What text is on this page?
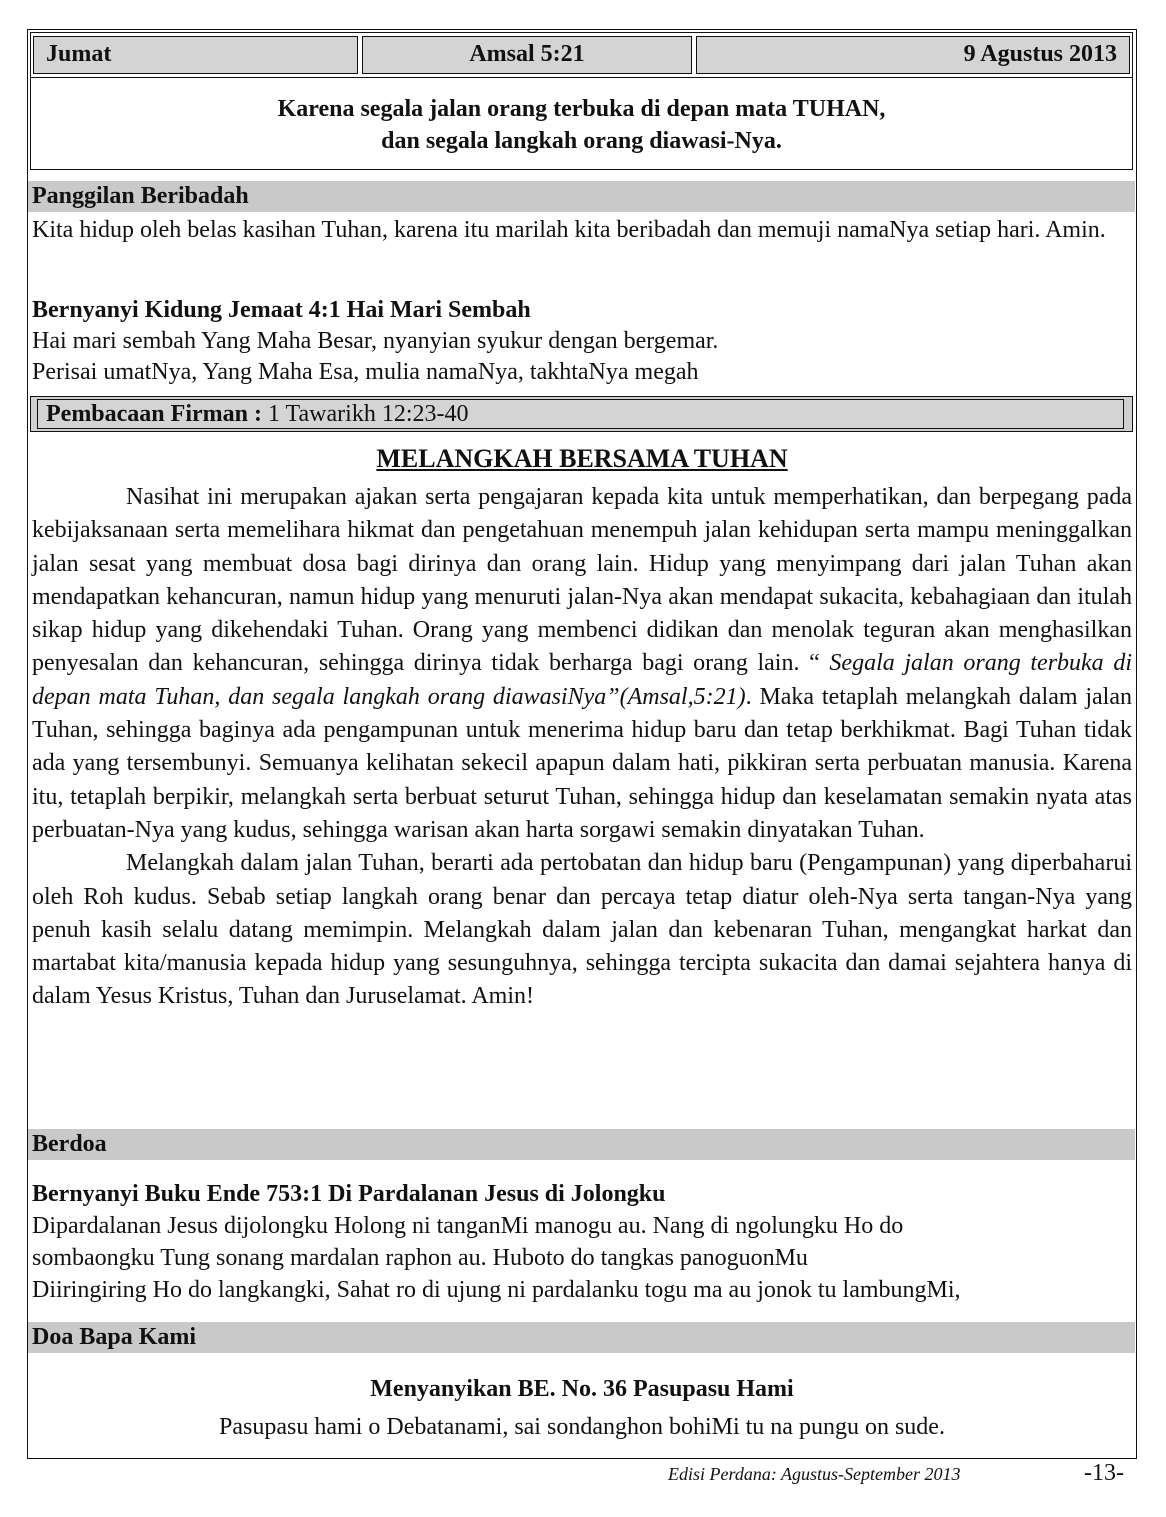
Jumat	Amsal 5:21	9 Agustus 2013
Karena segala jalan orang terbuka di depan mata TUHAN,
dan segala langkah orang diawasi-Nya.
Panggilan Beribadah
Kita hidup oleh belas kasihan Tuhan, karena itu marilah kita beribadah dan memuji namaNya setiap hari. Amin.
Bernyanyi Kidung Jemaat 4:1 Hai Mari Sembah
Hai mari sembah Yang Maha Besar, nyanyian syukur dengan bergemar.
Perisai umatNya, Yang Maha Esa, mulia namaNya, takhtaNya megah
Pembacaan Firman : 1 Tawarikh 12:23-40
MELANGKAH BERSAMA TUHAN

Nasihat ini merupakan ajakan serta pengajaran kepada kita untuk memperhatikan, dan berpegang pada kebijaksanaan serta memelihara hikmat dan pengetahuan menempuh jalan kehidupan serta mampu meninggalkan jalan sesat yang membuat dosa bagi dirinya dan orang lain. Hidup yang menyimpang dari jalan Tuhan akan mendapatkan kehancuran, namun hidup yang menuruti jalan-Nya akan mendapat sukacita, kebahagiaan dan itulah sikap hidup yang dikehendaki Tuhan. Orang yang membenci didikan dan menolak teguran akan menghasilkan penyesalan dan kehancuran, sehingga dirinya tidak berharga bagi orang lain. “ Segala jalan orang terbuka di depan mata Tuhan, dan segala langkah orang diawasiNya”(Amsal,5:21). Maka tetaplah melangkah dalam jalan Tuhan, sehingga baginya ada pengampunan untuk menerima hidup baru dan tetap berkhikmat. Bagi Tuhan tidak ada yang tersembunyi. Semuanya kelihatan sekecil apapun dalam hati, pikkiran serta perbuatan manusia. Karena itu, tetaplah berpikir, melangkah serta berbuat seturut Tuhan, sehingga hidup dan keselamatan semakin nyata atas perbuatan-Nya yang kudus, sehingga warisan akan harta sorgawi semakin dinyatakan Tuhan.

Melangkah dalam jalan Tuhan, berarti ada pertobatan dan hidup baru (Pengampunan) yang diperbaharui oleh Roh kudus. Sebab setiap langkah orang benar dan percaya tetap diatur oleh-Nya serta tangan-Nya yang penuh kasih selalu datang memimpin. Melangkah dalam jalan dan kebenaran Tuhan, mengangkat harkat dan martabat kita/manusia kepada hidup yang sesunguhnya, sehingga tercipta sukacita dan damai sejahtera hanya di dalam Yesus Kristus, Tuhan dan Juruselamat. Amin!

Berdoa
Bernyanyi Buku Ende 753:1 Di Pardalanan Jesus di Jolongku
Dipardalanan Jesus dijolongku Holong ni tanganMi manogu au. Nang di ngolungku Ho do
sombaongku Tung sonang mardalan raphon au. Huboto do tangkas panoguonMu
Diiringiring Ho do langkangki, Sahat ro di ujung ni pardalanku togu ma au jonok tu lambungMi,
Doa Bapa Kami
Menyanyikan BE. No. 36 Pasupasu Hami
Pasupasu hami o Debatanami, sai sondanghon bohiMi tu na pungu on sude.
Edisi Perdana: Agustus-September 2013	-13-
